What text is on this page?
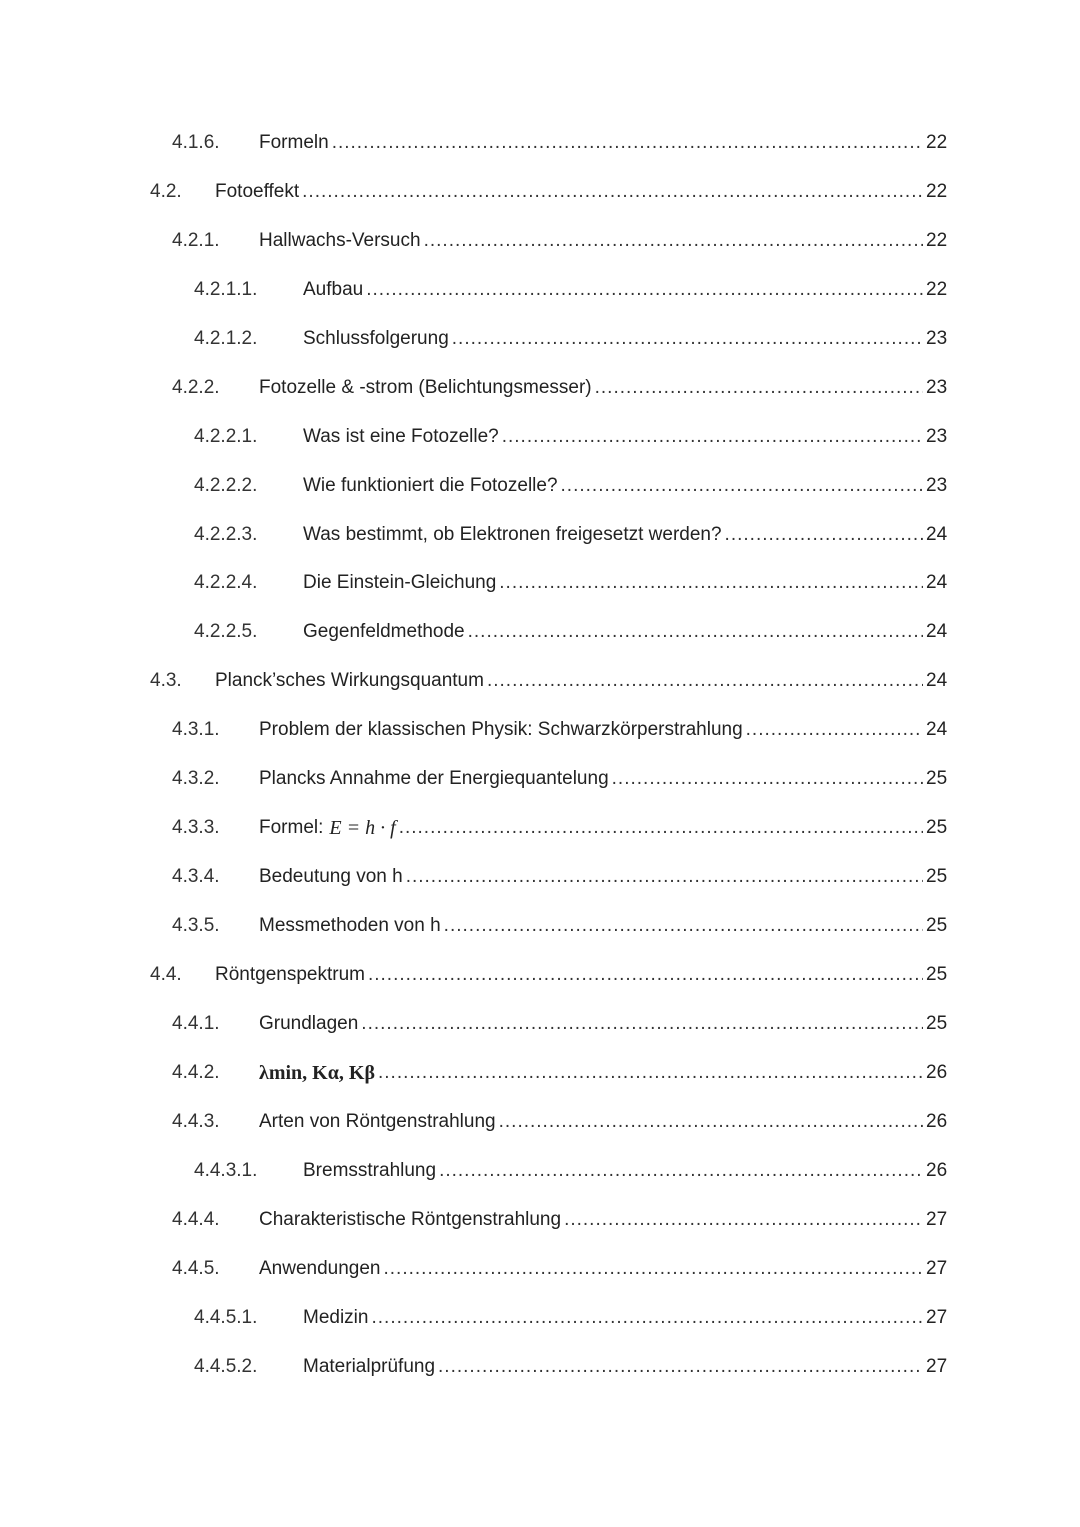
4.1.6. Formeln .....	22
4.2. Fotoeffekt .....	22
4.2.1. Hallwachs-Versuch .....	22
4.2.1.1. Aufbau .....	22
4.2.1.2. Schlussfolgerung .....	23
4.2.2. Fotozelle & -strom (Belichtungsmesser) .....	23
4.2.2.1. Was ist eine Fotozelle? .....	23
4.2.2.2. Wie funktioniert die Fotozelle? .....	23
4.2.2.3. Was bestimmt, ob Elektronen freigesetzt werden? .....	24
4.2.2.4. Die Einstein-Gleichung .....	24
4.2.2.5. Gegenfeldmethode .....	24
4.3. Planck’sches Wirkungsquantum .....	24
4.3.1. Problem der klassischen Physik: Schwarzkörperstrahlung .....	24
4.3.2. Plancks Annahme der Energiequantelung .....	25
4.3.3. Formel: E = h · f .....	25
4.3.4. Bedeutung von h .....	25
4.3.5. Messmethoden von h .....	25
4.4. Röntgenspektrum .....	25
4.4.1. Grundlagen .....	25
4.4.2. λmin, Kα, Kβ .....	26
4.4.3. Arten von Röntgenstrahlung .....	26
4.4.3.1. Bremsstrahlung .....	26
4.4.4. Charakteristische Röntgenstrahlung .....	27
4.4.5. Anwendungen .....	27
4.4.5.1. Medizin .....	27
4.4.5.2. Materialprüfung .....	27
